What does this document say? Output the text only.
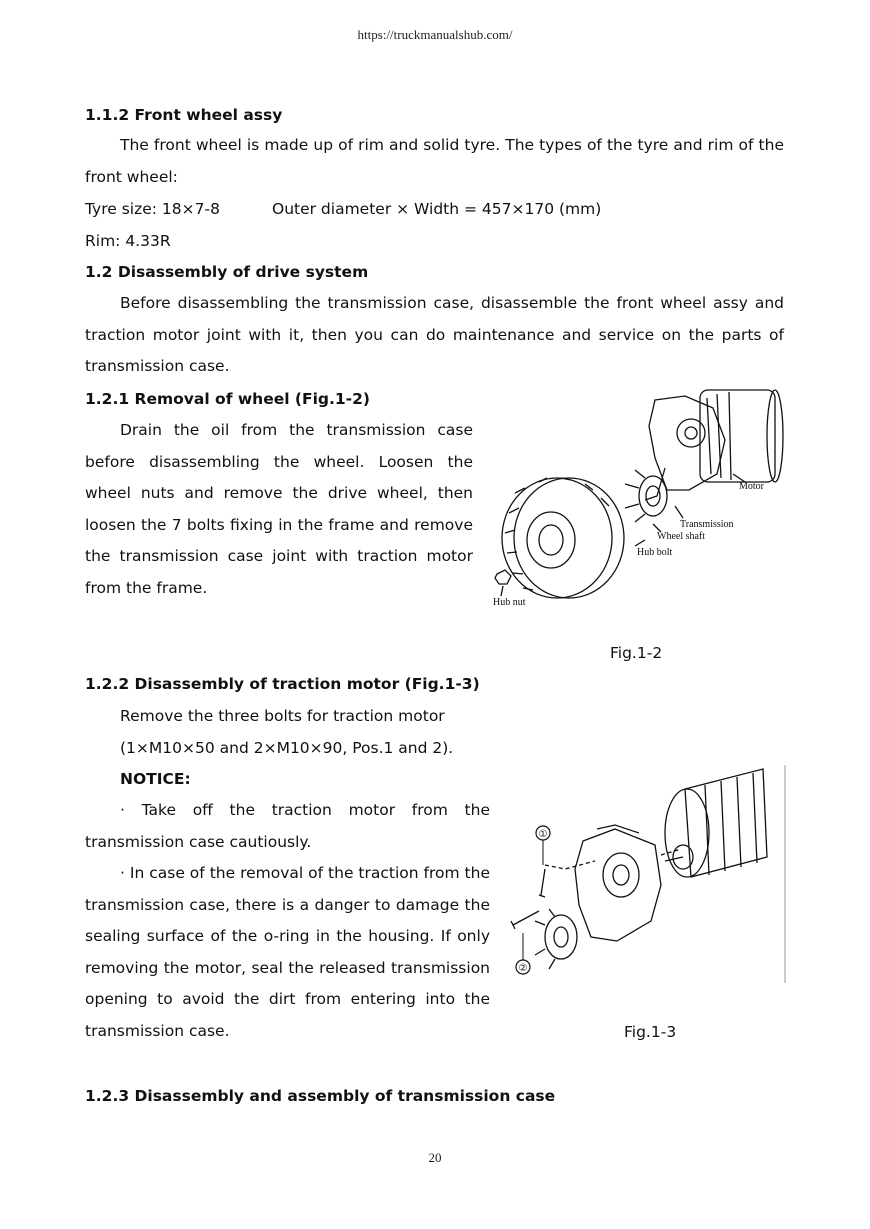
https://truckmanualshub.com/
1.1.2 Front wheel assy
The front wheel is made up of rim and solid tyre. The types of the tyre and rim of the front wheel:
Tyre size: 18×7-8	Outer diameter × Width = 457×170 (mm)
Rim: 4.33R
1.2 Disassembly of drive system
Before disassembling the transmission case, disassemble the front wheel assy and traction motor joint with it, then you can do maintenance and service on the parts of transmission case.
1.2.1 Removal of wheel (Fig.1-2)
Drain the oil from the transmission case before disassembling the wheel. Loosen the wheel nuts and remove the drive wheel, then loosen the 7 bolts fixing in the frame and remove the transmission case joint with traction motor from the frame.
Motor
Transmission
Wheel shaft
Hub bolt
Hub nut
Fig.1-2
1.2.2 Disassembly of traction motor (Fig.1-3)
Remove the three bolts for traction motor
(1×M10×50 and 2×M10×90, Pos.1 and 2).
NOTICE:
· Take off the traction motor from the transmission case cautiously.
· In case of the removal of the traction from the transmission case, there is a danger to damage the sealing surface of the o-ring in the housing. If only removing the motor, seal the released transmission opening to avoid the dirt from entering into the transmission case.
①
②
Fig.1-3
1.2.3 Disassembly and assembly of transmission case
20
